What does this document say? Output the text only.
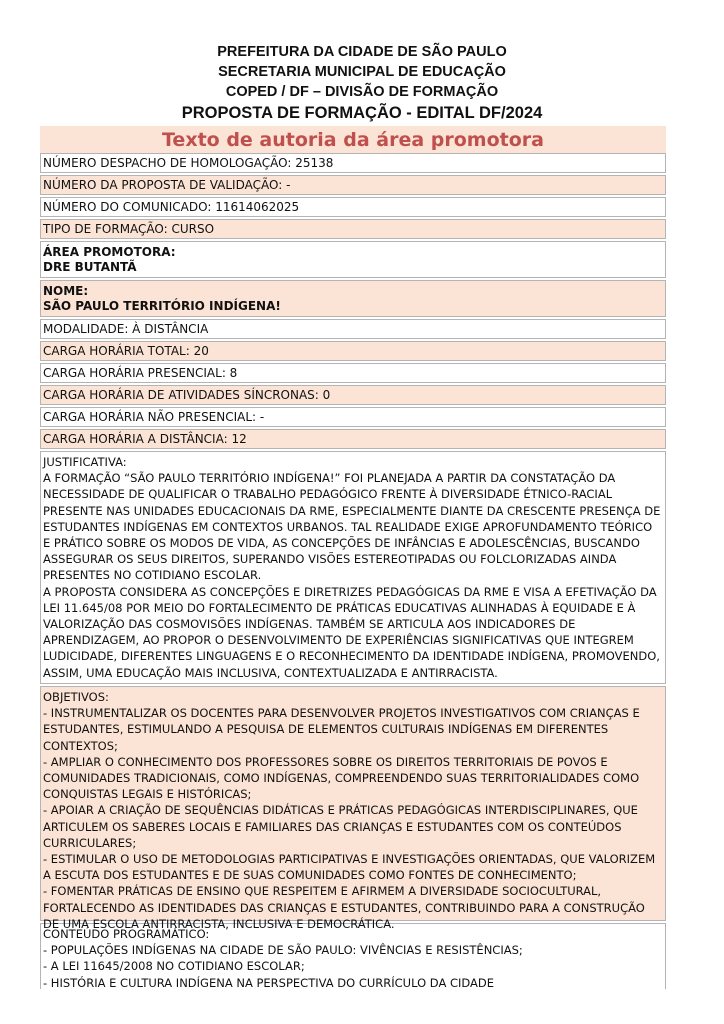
PREFEITURA DA CIDADE DE SÃO PAULO
SECRETARIA MUNICIPAL DE EDUCAÇÃO
COPED / DF – DIVISÃO DE FORMAÇÃO
PROPOSTA DE FORMAÇÃO - EDITAL DF/2024
Texto de autoria da área promotora
NÚMERO DESPACHO DE HOMOLOGAÇÃO: 25138
NÚMERO DA PROPOSTA DE VALIDAÇÃO: -
NÚMERO DO COMUNICADO: 11614062025
TIPO DE FORMAÇÃO: CURSO
ÁREA PROMOTORA:
DRE BUTANTÃ
NOME:
SÃO PAULO TERRITÓRIO INDÍGENA!
MODALIDADE: À DISTÂNCIA
CARGA HORÁRIA TOTAL: 20
CARGA HORÁRIA PRESENCIAL: 8
CARGA HORÁRIA DE ATIVIDADES SÍNCRONAS: 0
CARGA HORÁRIA NÃO PRESENCIAL: -
CARGA HORÁRIA A DISTÂNCIA: 12
JUSTIFICATIVA:
A FORMAÇÃO “SÃO PAULO TERRITÓRIO INDÍGENA!” FOI PLANEJADA A PARTIR DA CONSTATAÇÃO DA NECESSIDADE DE QUALIFICAR O TRABALHO PEDAGÓGICO FRENTE À DIVERSIDADE ÉTNICO-RACIAL PRESENTE NAS UNIDADES EDUCACIONAIS DA RME, ESPECIALMENTE DIANTE DA CRESCENTE PRESENÇA DE ESTUDANTES INDÍGENAS EM CONTEXTOS URBANOS. TAL REALIDADE EXIGE APROFUNDAMENTO TEÓRICO E PRÁTICO SOBRE OS MODOS DE VIDA, AS CONCEPÇÕES DE INFÂNCIAS E ADOLESCÊNCIAS, BUSCANDO ASSEGURAR OS SEUS DIREITOS, SUPERANDO VISÕES ESTEREOTIPADAS OU FOLCLORIZADAS AINDA PRESENTES NO COTIDIANO ESCOLAR.
A PROPOSTA CONSIDERA AS CONCEPÇÕES E DIRETRIZES PEDAGÓGICAS DA RME E VISA A EFETIVAÇÃO DA LEI 11.645/08 POR MEIO DO FORTALECIMENTO DE PRÁTICAS EDUCATIVAS ALINHADAS À EQUIDADE E À VALORIZAÇÃO DAS COSMOVISÕES INDÍGENAS. TAMBÉM SE ARTICULA AOS INDICADORES DE APRENDIZAGEM, AO PROPOR O DESENVOLVIMENTO DE EXPERIÊNCIAS SIGNIFICATIVAS QUE INTEGREM LUDICIDADE, DIFERENTES LINGUAGENS E O RECONHECIMENTO DA IDENTIDADE INDÍGENA, PROMOVENDO, ASSIM, UMA EDUCAÇÃO MAIS INCLUSIVA, CONTEXTUALIZADA E ANTIRRACISTA.
OBJETIVOS:
- INSTRUMENTALIZAR OS DOCENTES PARA DESENVOLVER PROJETOS INVESTIGATIVOS COM CRIANÇAS E ESTUDANTES, ESTIMULANDO A PESQUISA DE ELEMENTOS CULTURAIS INDÍGENAS EM DIFERENTES CONTEXTOS;
- AMPLIAR O CONHECIMENTO DOS PROFESSORES SOBRE OS DIREITOS TERRITORIAIS DE POVOS E COMUNIDADES TRADICIONAIS, COMO INDÍGENAS, COMPREENDENDO SUAS TERRITORIALIDADES COMO CONQUISTAS LEGAIS E HISTÓRICAS;
- APOIAR A CRIAÇÃO DE SEQUÊNCIAS DIDÁTICAS E PRÁTICAS PEDAGÓGICAS INTERDISCIPLINARES, QUE ARTICULEM OS SABERES LOCAIS E FAMILIARES DAS CRIANÇAS E ESTUDANTES COM OS CONTEÚDOS CURRICULARES;
- ESTIMULAR O USO DE METODOLOGIAS PARTICIPATIVAS E INVESTIGAÇÕES ORIENTADAS, QUE VALORIZEM A ESCUTA DOS ESTUDANTES E DE SUAS COMUNIDADES COMO FONTES DE CONHECIMENTO;
- FOMENTAR PRÁTICAS DE ENSINO QUE RESPEITEM E AFIRMEM A DIVERSIDADE SOCIOCULTURAL, FORTALECENDO AS IDENTIDADES DAS CRIANÇAS E ESTUDANTES, CONTRIBUINDO PARA A CONSTRUÇÃO DE UMA ESCOLA ANTIRRACISTA, INCLUSIVA E DEMOCRÁTICA.
CONTEÚDO PROGRAMÁTICO:
- POPULAÇÕES INDÍGENAS NA CIDADE DE SÃO PAULO: VIVÊNCIAS E RESISTÊNCIAS;
- A LEI 11645/2008 NO COTIDIANO ESCOLAR;
- HISTÓRIA E CULTURA INDÍGENA NA PERSPECTIVA DO CURRÍCULO DA CIDADE
